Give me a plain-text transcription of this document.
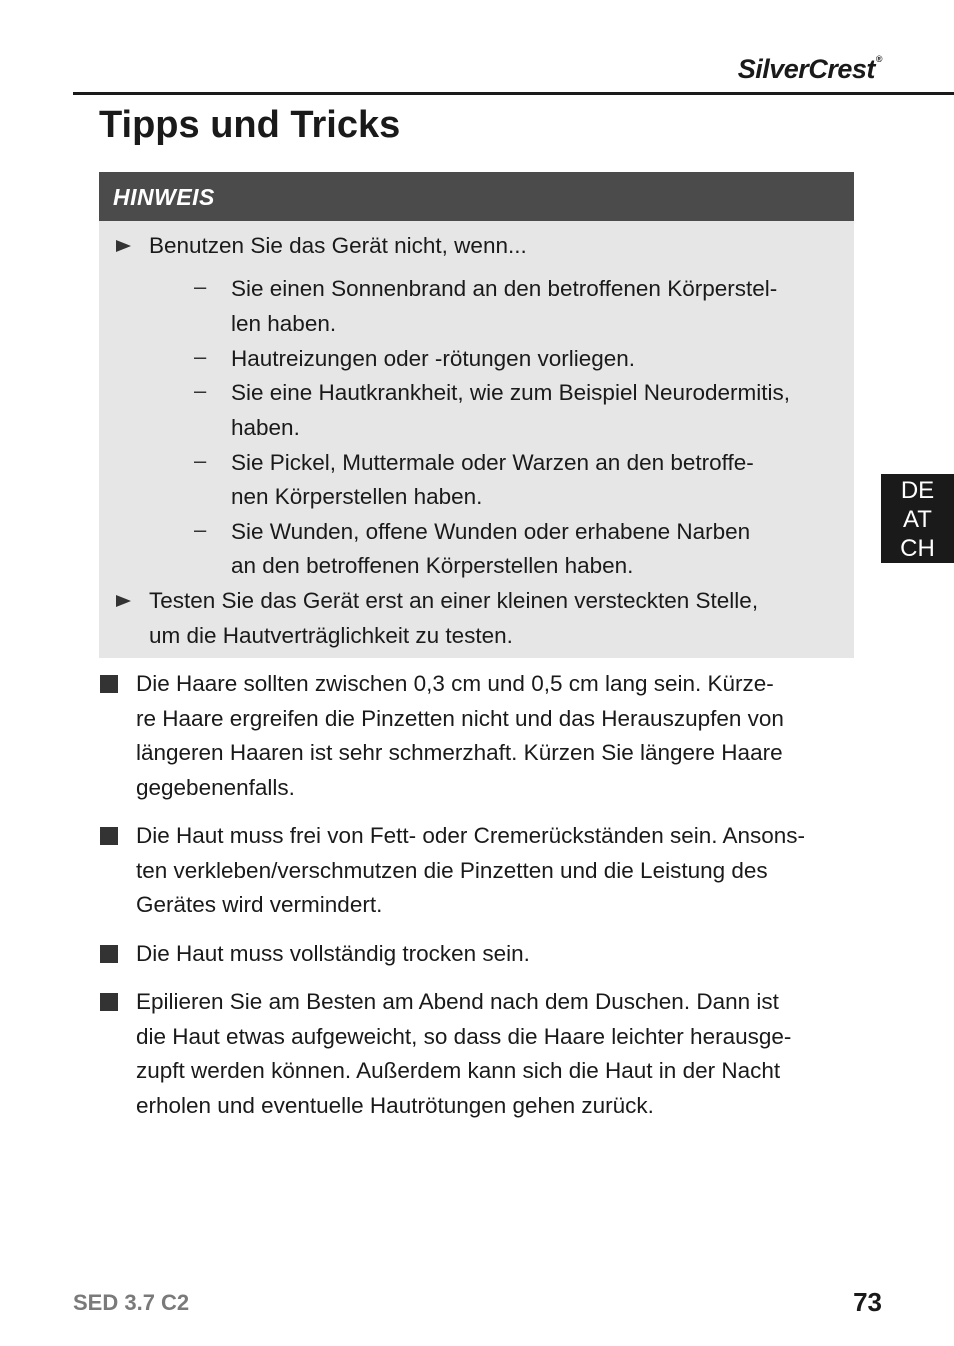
SilverCrest®
Tipps und Tricks
HINWEIS
Benutzen Sie das Gerät nicht, wenn...
– Sie einen Sonnenbrand an den betroffenen Körperstel-
len haben.
– Hautreizungen oder -rötungen vorliegen.
– Sie eine Hautkrankheit, wie zum Beispiel Neurodermitis,
haben.
– Sie Pickel, Muttermale oder Warzen an den betroffe-
nen Körperstellen haben.
– Sie Wunden, offene Wunden oder erhabene Narben
an den betroffenen Körperstellen haben.
Testen Sie das Gerät erst an einer kleinen versteckten Stelle,
um die Hautverträglichkeit zu testen.
DE
AT
CH
Die Haare sollten zwischen 0,3 cm und 0,5 cm lang sein. Kürze-
re Haare ergreifen die Pinzetten nicht und das Herauszupfen von
längeren Haaren ist sehr schmerzhaft. Kürzen Sie längere Haare
gegebenenfalls.
Die Haut muss frei von Fett- oder Cremerückständen sein. Ansons-
ten verkleben/verschmutzen die Pinzetten und die Leistung des
Gerätes wird vermindert.
Die Haut muss vollständig trocken sein.
Epilieren Sie am Besten am Abend nach dem Duschen. Dann ist
die Haut etwas aufgeweicht, so dass die Haare leichter herausge-
zupft werden können. Außerdem kann sich die Haut in der Nacht
erholen und eventuelle Hautrötungen gehen zurück.
SED 3.7 C2	73
